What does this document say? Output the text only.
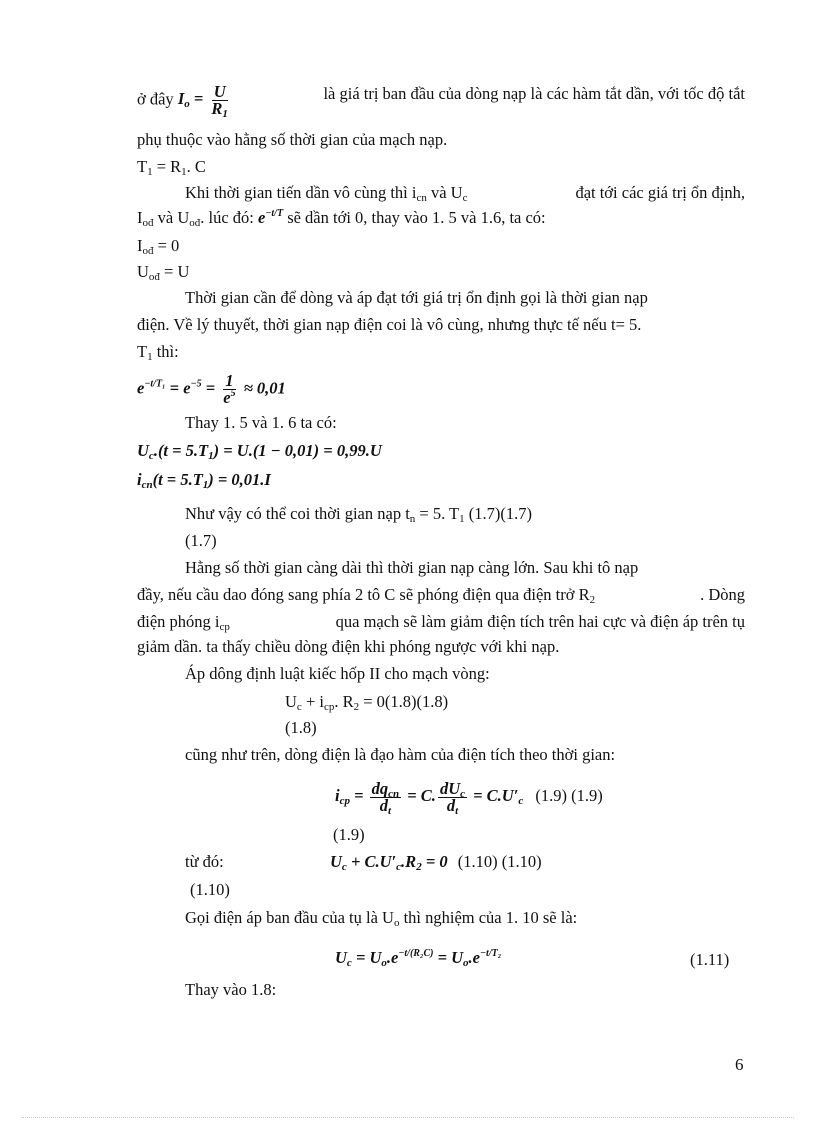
ở đây $I_o = \frac{U}{R_1}$	là giá trị ban đầu của dòng nạp là các hàm tắt dần, với tốc độ tắt
phụ thuộc vào hằng số thời gian của mạch nạp.
$T_1 = R_1$. C
Khi thời gian tiến dần vô cùng thì $i_{cn}$ và $U_c$	đạt tới các giá trị ổn định,
$I_{ođ}$ và $U_{ođ}$. lúc đó: $e^{-t/T}$ sẽ dần tới 0, thay vào 1. 5 và 1.6, ta có:
$I_{ođ} = 0$
$U_{ođ} = U$
Thời gian cần để dòng và áp đạt tới giá trị ổn định gọi là thời gian nạp
điện. Về lý thuyết, thời gian nạp điện coi là vô cùng, nhưng thực tế nếu t= 5.
$T_1$ thì:
$e^{-t/T_1} = e^{-5} = \frac{1}{e^5} \approx 0,01$
Thay 1. 5 và 1. 6 ta có:
$U_c.(t = 5.T_1) = U.(1 - 0,01) = 0,99.U$
$i_{cn}(t = 5.T_1) = 0,01.I$
Như vậy có thể coi thời gian nạp $t_n = 5$. $T_1$ (1.7)(1.7)
(1.7)
Hằng số thời gian càng dài thì thời gian nạp càng lớn. Sau khi tô nạp
đầy, nếu cầu dao đóng sang phía 2 tô C sẽ phóng điện qua điện trở $R_2$	. Dòng
điện phóng $i_{cp}$	qua mạch sẽ làm giảm điện tích trên hai cực và điện áp trên tụ
giảm dần. ta thấy chiều dòng điện khi phóng ngược với khi nạp.
Áp dông định luật kiếc hốp II cho mạch vòng:
$U_c + i_{cp}$. $R_2 = 0(1.8)(1.8)$
(1.8)
cũng như trên, dòng điện là đạo hàm của điện tích theo thời gian:
$i_{cp} = \frac{dq_{cn}}{d_t} = C$. $\frac{dU_c}{d_t} = C.U'_c$ (1.9) (1.9)
(1.9)
từ đó:	$U_c + C.U'_c.R_2 = 0$ (1.10) (1.10)
(1.10)
Gọi điện áp ban đầu của tụ là $U_o$ thì nghiệm của 1. 10 sẽ là:
$U_c = U_o.e^{-t/(R_2C)} = U_o.e^{-t/T_2}$	(1.11)
Thay vào 1.8:
6
